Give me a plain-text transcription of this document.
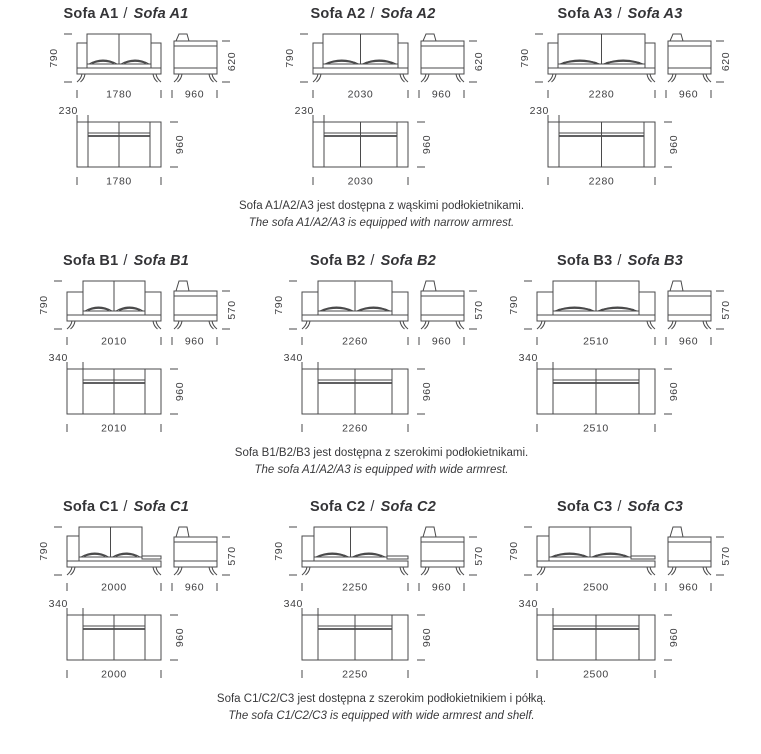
Sofa A1 / Sofa A1
1780	960
790	620
230
1780
960
Sofa A2 / Sofa A2
2030	960
790	620
230
2030
960
Sofa A3 / Sofa A3
2280	960
790	620
230
2280
960
Sofa A1/A2/A3 jest dostępna z wąskimi podłokietnikami.
The sofa A1/A2/A3 is equipped with narrow armrest.
Sofa B1 / Sofa B1
2010	960
790	570
340
2010
960
Sofa B2 / Sofa B2
2260	960
790	570
340
2260
960
Sofa B3 / Sofa B3
2510	960
790	570
340
2510
960
Sofa B1/B2/B3 jest dostępna z szerokimi podłokietnikami.
The sofa A1/A2/A3 is equipped with wide armrest.
Sofa C1 / Sofa C1
2000	960
790	570
340
2000
960
Sofa C2 / Sofa C2
2250	960
790	570
340
2250
960
Sofa C3 / Sofa C3
2500	960
790	570
340
2500
960
Sofa C1/C2/C3 jest dostępna z szerokim podłokietnikiem i półką.
The sofa C1/C2/C3 is equipped with wide armrest and shelf.
